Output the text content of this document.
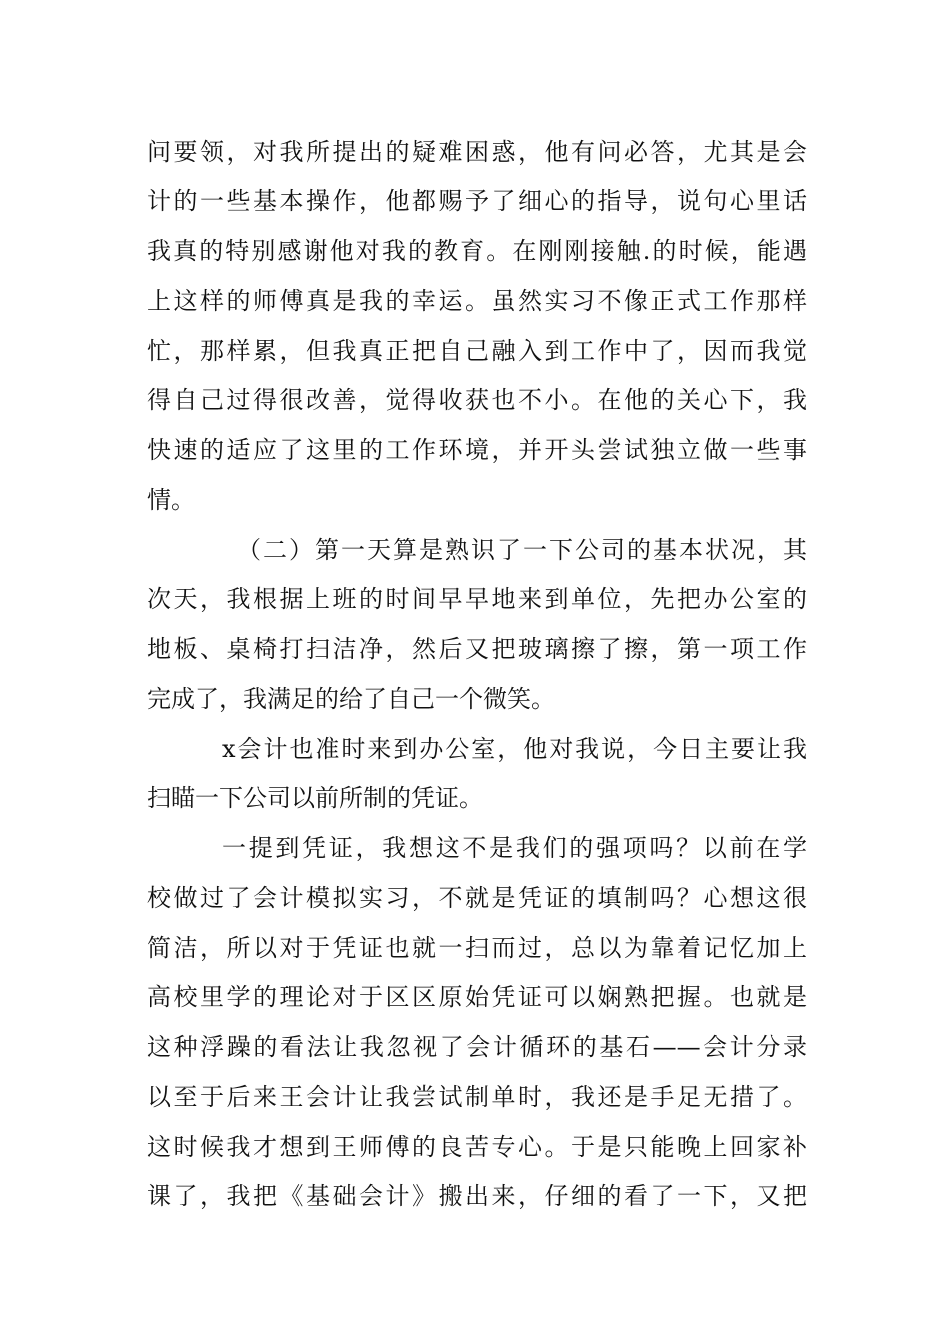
问要领，对我所提出的疑难困惑，他有问必答，尤其是会
计的一些基本操作，他都赐予了细心的指导，说句心里话
我真的特别感谢他对我的教育。在刚刚接触.的时候，能遇
上这样的师傅真是我的幸运。虽然实习不像正式工作那样
忙，那样累，但我真正把自己融入到工作中了，因而我觉
得自己过得很改善，觉得收获也不小。在他的关心下，我
快速的适应了这里的工作环境，并开头尝试独立做一些事
情。
（二）第一天算是熟识了一下公司的基本状况，其
次天，我根据上班的时间早早地来到单位，先把办公室的
地板、桌椅打扫洁净，然后又把玻璃擦了擦，第一项工作
完成了，我满足的给了自己一个微笑。
x会计也准时来到办公室，他对我说，今日主要让我
扫瞄一下公司以前所制的凭证。
一提到凭证，我想这不是我们的强项吗？以前在学
校做过了会计模拟实习，不就是凭证的填制吗？心想这很
简洁，所以对于凭证也就一扫而过，总以为靠着记忆加上
高校里学的理论对于区区原始凭证可以娴熟把握。也就是
这种浮躁的看法让我忽视了会计循环的基石——会计分录
以至于后来王会计让我尝试制单时，我还是手足无措了。
这时候我才想到王师傅的良苦专心。于是只能晚上回家补
课了，我把《基础会计》搬出来，仔细的看了一下，又把
